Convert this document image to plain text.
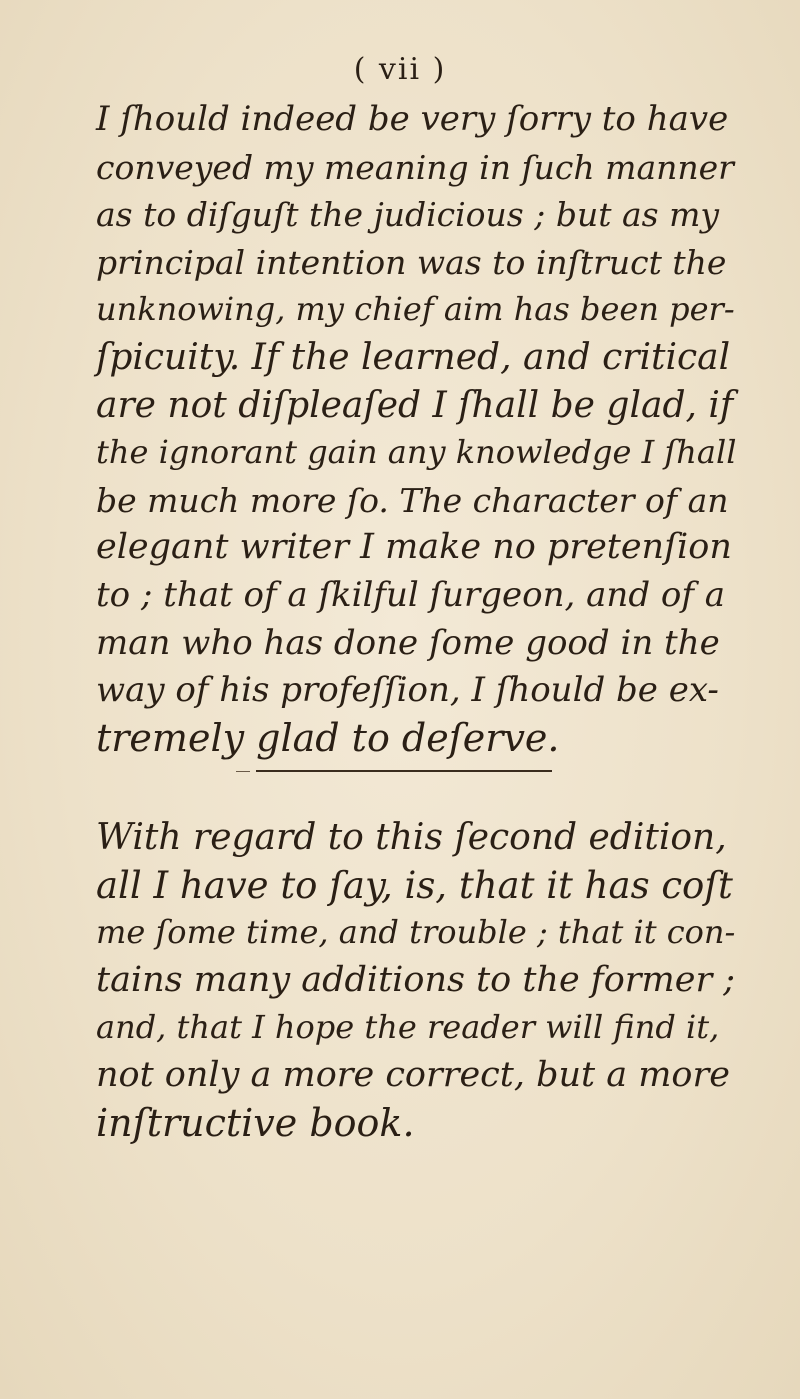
( vii )
I ſhould indeed be very ſorry to have
conveyed my meaning in ſuch manner
as to diſguſt the judicious ; but as my
principal intention was to inſtruct the
unknowing, my chief aim has been per-
ſpicuity. If the learned, and critical
are not diſpleaſed I ſhall be glad, if
the ignorant gain any knowledge I ſhall
be much more ſo. The character of an
elegant writer I make no pretenſion
to ; that of a ſkilful ſurgeon, and of a
man who has done ſome good in the
way of his profeſſion, I ſhould be ex-
tremely glad to deſerve.
With regard to this ſecond edition,
all I have to ſay, is, that it has coſt
me ſome time, and trouble ; that it con-
tains many additions to the former ;
and, that I hope the reader will find it,
not only a more correct, but a more
inſtructive book.
